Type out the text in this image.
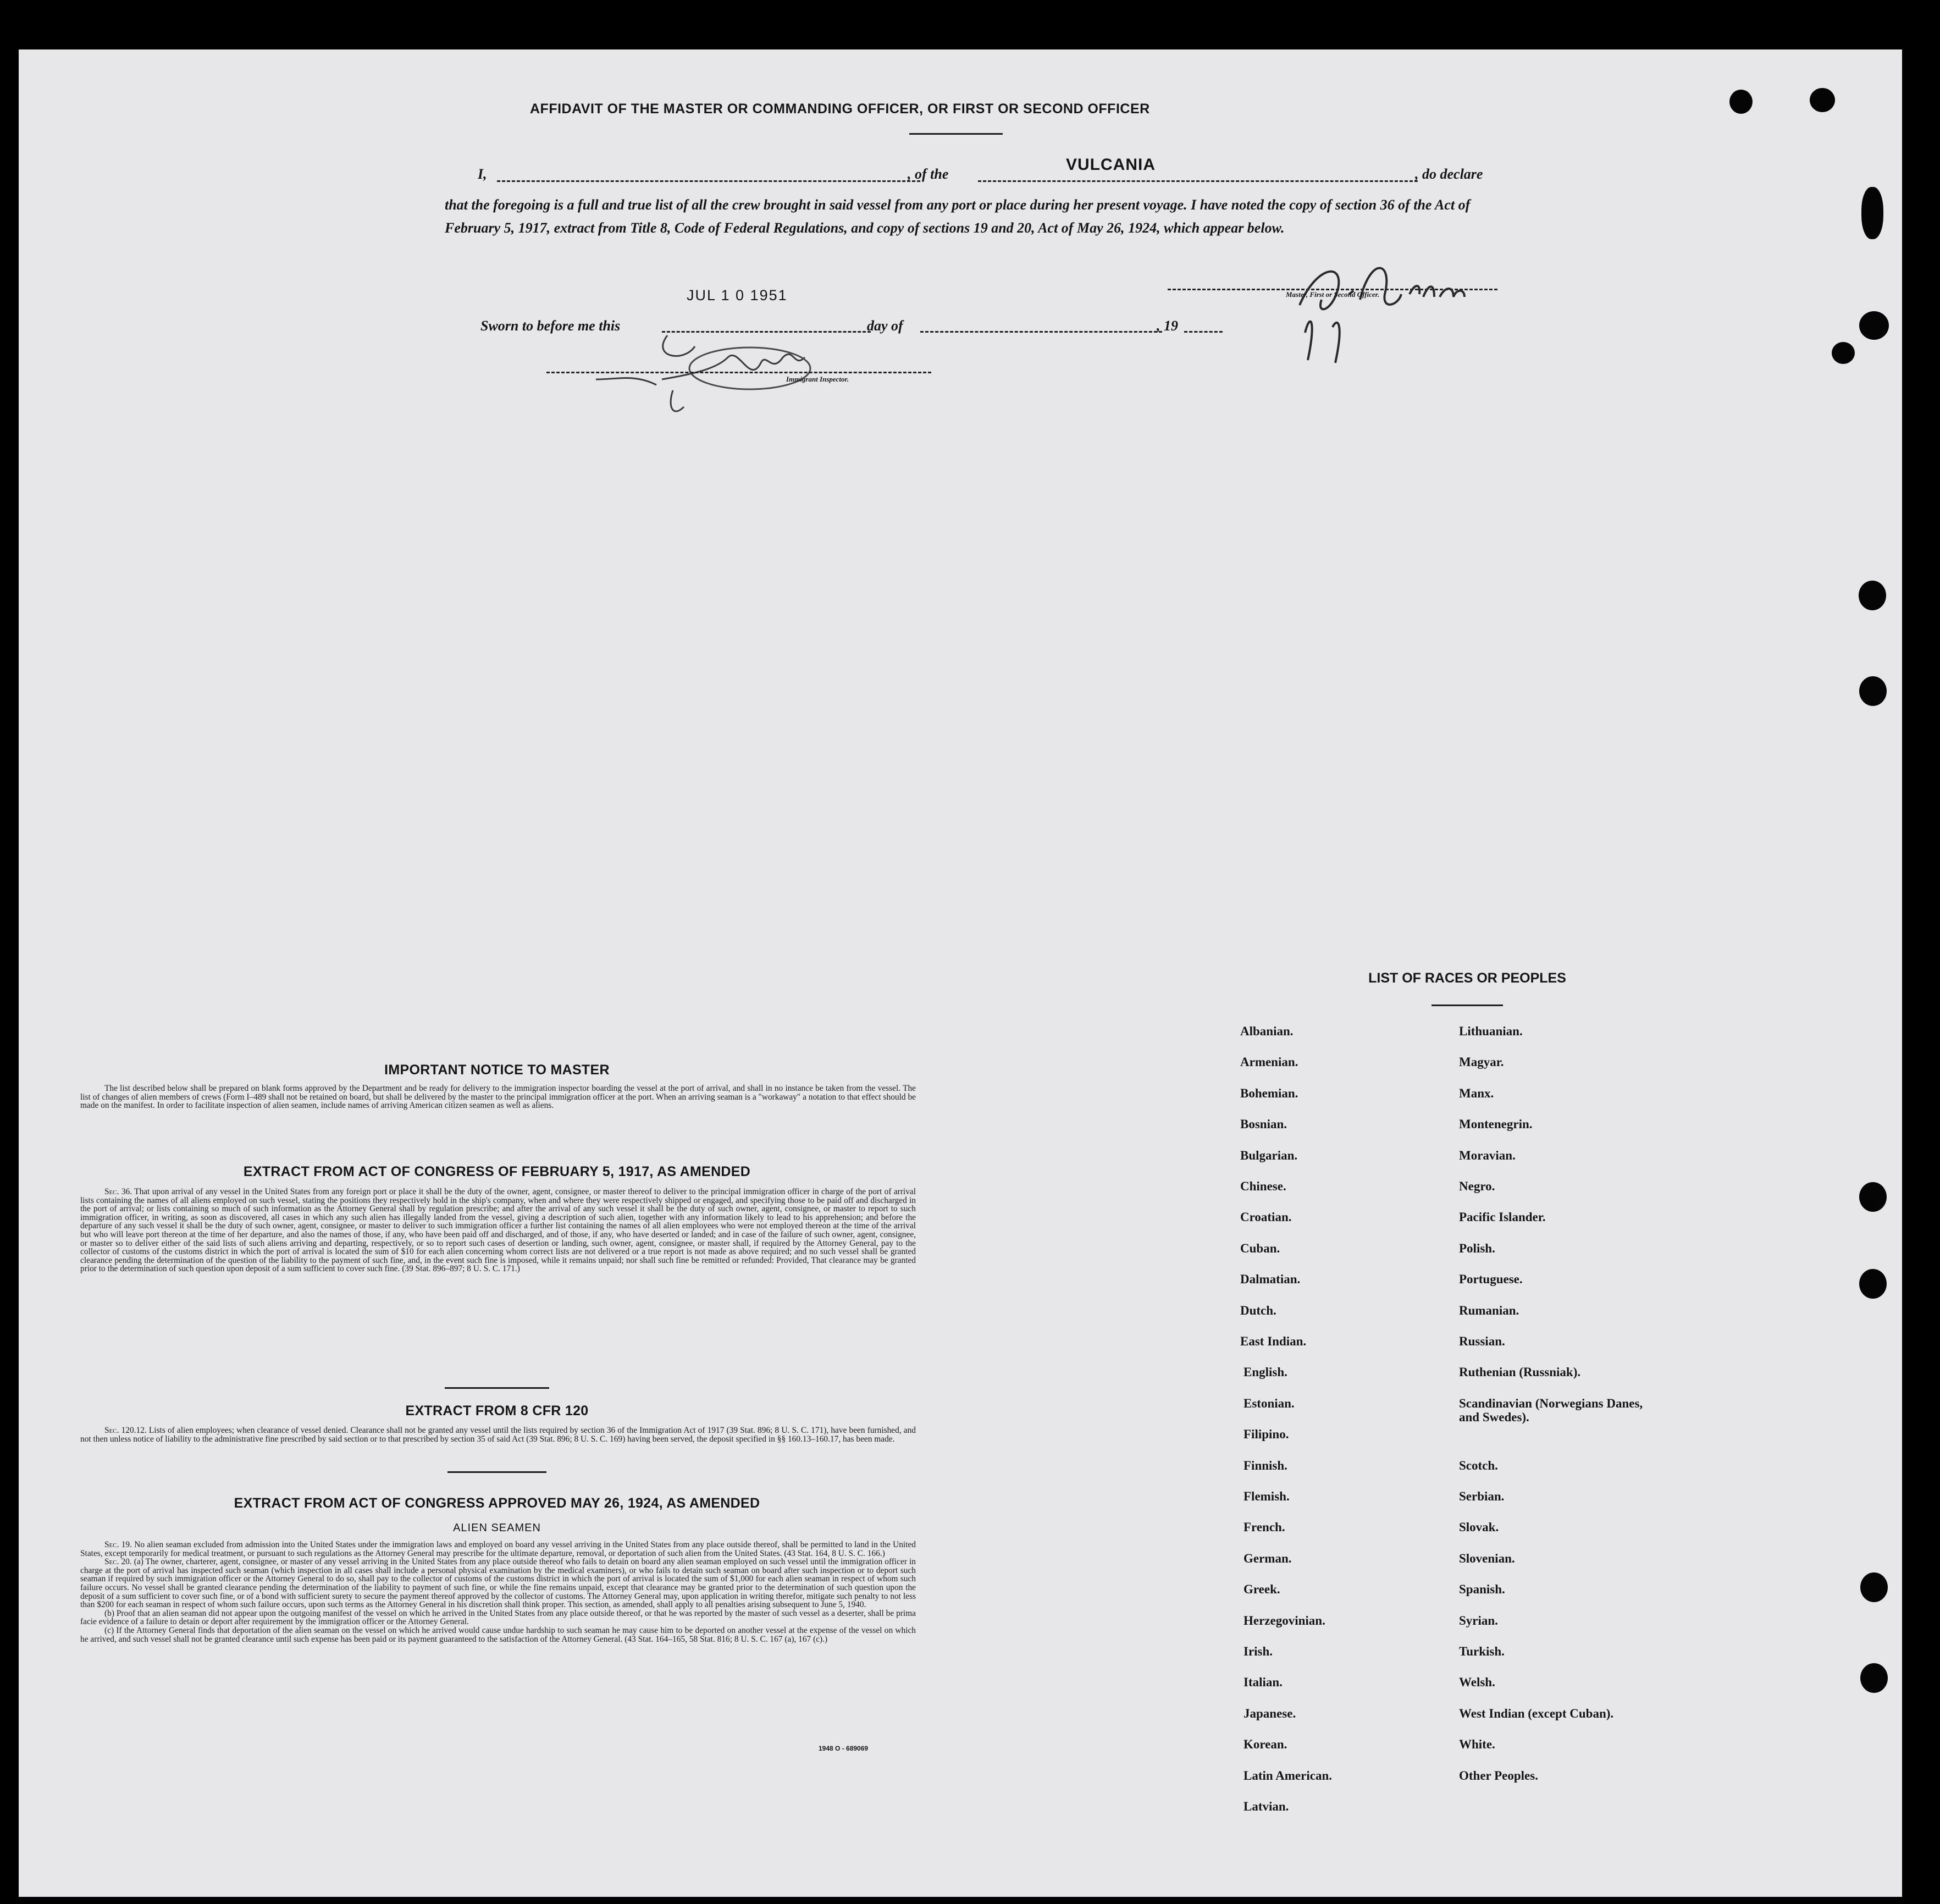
AFFIDAVIT OF THE MASTER OR COMMANDING OFFICER, OR FIRST OR SECOND OFFICER
I,	, of the
VULCANIA
, do declare
that the foregoing is a full and true list of all the crew brought in said vessel from any port or place during her present voyage. I have noted the copy of section 36 of the Act of February 5, 1917, extract from Title 8, Code of Federal Regulations, and copy of sections 19 and 20, Act of May 26, 1924, which appear below.
Master, First or Second Officer.
JUL 1 0 1951
Sworn to before me this	day of	, 19
Immigrant Inspector.
IMPORTANT NOTICE TO MASTER

The list described below shall be prepared on blank forms approved by the Department and be ready for delivery to the immigration inspector boarding the vessel at the port of arrival, and shall in no instance be taken from the vessel. The list of changes of alien members of crews (Form I–489 shall not be retained on board, but shall be delivered by the master to the principal immigration officer at the port. When an arriving seaman is a "workaway" a notation to that effect should be made on the manifest. In order to facilitate inspection of alien seamen, include names of arriving American citizen seamen as well as aliens.

EXTRACT FROM ACT OF CONGRESS OF FEBRUARY 5, 1917, AS AMENDED

Sec. 36. That upon arrival of any vessel in the United States from any foreign port or place it shall be the duty of the owner, agent, consignee, or master thereof to deliver to the principal immigration officer in charge of the port of arrival lists containing the names of all aliens employed on such vessel, stating the positions they respectively hold in the ship's company, when and where they were respectively shipped or engaged, and specifying those to be paid off and discharged in the port of arrival; or lists containing so much of such information as the Attorney General shall by regulation prescribe; and after the arrival of any such vessel it shall be the duty of such owner, agent, consignee, or master to report to such immigration officer, in writing, as soon as discovered, all cases in which any such alien has illegally landed from the vessel, giving a description of such alien, together with any information likely to lead to his apprehension; and before the departure of any such vessel it shall be the duty of such owner, agent, consignee, or master to deliver to such immigration officer a further list containing the names of all alien employees who were not employed thereon at the time of the arrival but who will leave port thereon at the time of her departure, and also the names of those, if any, who have been paid off and discharged, and of those, if any, who have deserted or landed; and in case of the failure of such owner, agent, consignee, or master so to deliver either of the said lists of such aliens arriving and departing, respectively, or so to report such cases of desertion or landing, such owner, agent, consignee, or master shall, if required by the Attorney General, pay to the collector of customs of the customs district in which the port of arrival is located the sum of $10 for each alien concerning whom correct lists are not delivered or a true report is not made as above required; and no such vessel shall be granted clearance pending the determination of the question of the liability to the payment of such fine, and, in the event such fine is imposed, while it remains unpaid; nor shall such fine be remitted or refunded: Provided, That clearance may be granted prior to the determination of such question upon deposit of a sum sufficient to cover such fine. (39 Stat. 896–897; 8 U. S. C. 171.)

EXTRACT FROM 8 CFR 120

Sec. 120.12. Lists of alien employees; when clearance of vessel denied. Clearance shall not be granted any vessel until the lists required by section 36 of the Immigration Act of 1917 (39 Stat. 896; 8 U. S. C. 171), have been furnished, and not then unless notice of liability to the administrative fine prescribed by said section or to that prescribed by section 35 of said Act (39 Stat. 896; 8 U. S. C. 169) having been served, the deposit specified in §§ 160.13–160.17, has been made.

EXTRACT FROM ACT OF CONGRESS APPROVED MAY 26, 1924, AS AMENDED
ALIEN SEAMEN

Sec. 19. No alien seaman excluded from admission into the United States under the immigration laws and employed on board any vessel arriving in the United States from any place outside thereof, shall be permitted to land in the United States, except temporarily for medical treatment, or pursuant to such regulations as the Attorney General may prescribe for the ultimate departure, removal, or deportation of such alien from the United States. (43 Stat. 164, 8 U. S. C. 166.)

Sec. 20. (a) The owner, charterer, agent, consignee, or master of any vessel arriving in the United States from any place outside thereof who fails to detain on board any alien seaman employed on such vessel until the immigration officer in charge at the port of arrival has inspected such seaman (which inspection in all cases shall include a personal physical examination by the medical examiners), or who fails to detain such seaman on board after such inspection or to deport such seaman if required by such immigration officer or the Attorney General to do so, shall pay to the collector of customs of the customs district in which the port of arrival is located the sum of $1,000 for each alien seaman in respect of whom such failure occurs. No vessel shall be granted clearance pending the determination of the liability to payment of such fine, or while the fine remains unpaid, except that clearance may be granted prior to the determination of such question upon the deposit of a sum sufficient to cover such fine, or of a bond with sufficient surety to secure the payment thereof approved by the collector of customs. The Attorney General may, upon application in writing therefor, mitigate such penalty to not less than $200 for each seaman in respect of whom such failure occurs, upon such terms as the Attorney General in his discretion shall think proper. This section, as amended, shall apply to all penalties arising subsequent to June 5, 1940.

(b) Proof that an alien seaman did not appear upon the outgoing manifest of the vessel on which he arrived in the United States from any place outside thereof, or that he was reported by the master of such vessel as a deserter, shall be prima facie evidence of a failure to detain or deport after requirement by the immigration officer or the Attorney General.

(c) If the Attorney General finds that deportation of the alien seaman on the vessel on which he arrived would cause undue hardship to such seaman he may cause him to be deported on another vessel at the expense of the vessel on which he arrived, and such vessel shall not be granted clearance until such expense has been paid or its payment guaranteed to the satisfaction of the Attorney General. (43 Stat. 164–165, 58 Stat. 816; 8 U. S. C. 167 (a), 167 (c).)

1948 O - 689069
LIST OF RACES OR PEOPLES
Albanian.
Armenian.
Bohemian.
Bosnian.
Bulgarian.
Chinese.
Croatian.
Cuban.
Dalmatian.
Dutch.
East Indian.
English.
Estonian.
Filipino.
Finnish.
Flemish.
French.
German.
Greek.
Herzegovinian.
Irish.
Italian.
Japanese.
Korean.
Latin American.
Latvian.
Lithuanian.
Magyar.
Manx.
Montenegrin.
Moravian.
Negro.
Pacific Islander.
Polish.
Portuguese.
Rumanian.
Russian.
Ruthenian (Russniak).
Scandinavian (Norwegians Danes, and Swedes).
Scotch.
Serbian.
Slovak.
Slovenian.
Spanish.
Syrian.
Turkish.
Welsh.
West Indian (except Cuban).
White.
Other Peoples.
